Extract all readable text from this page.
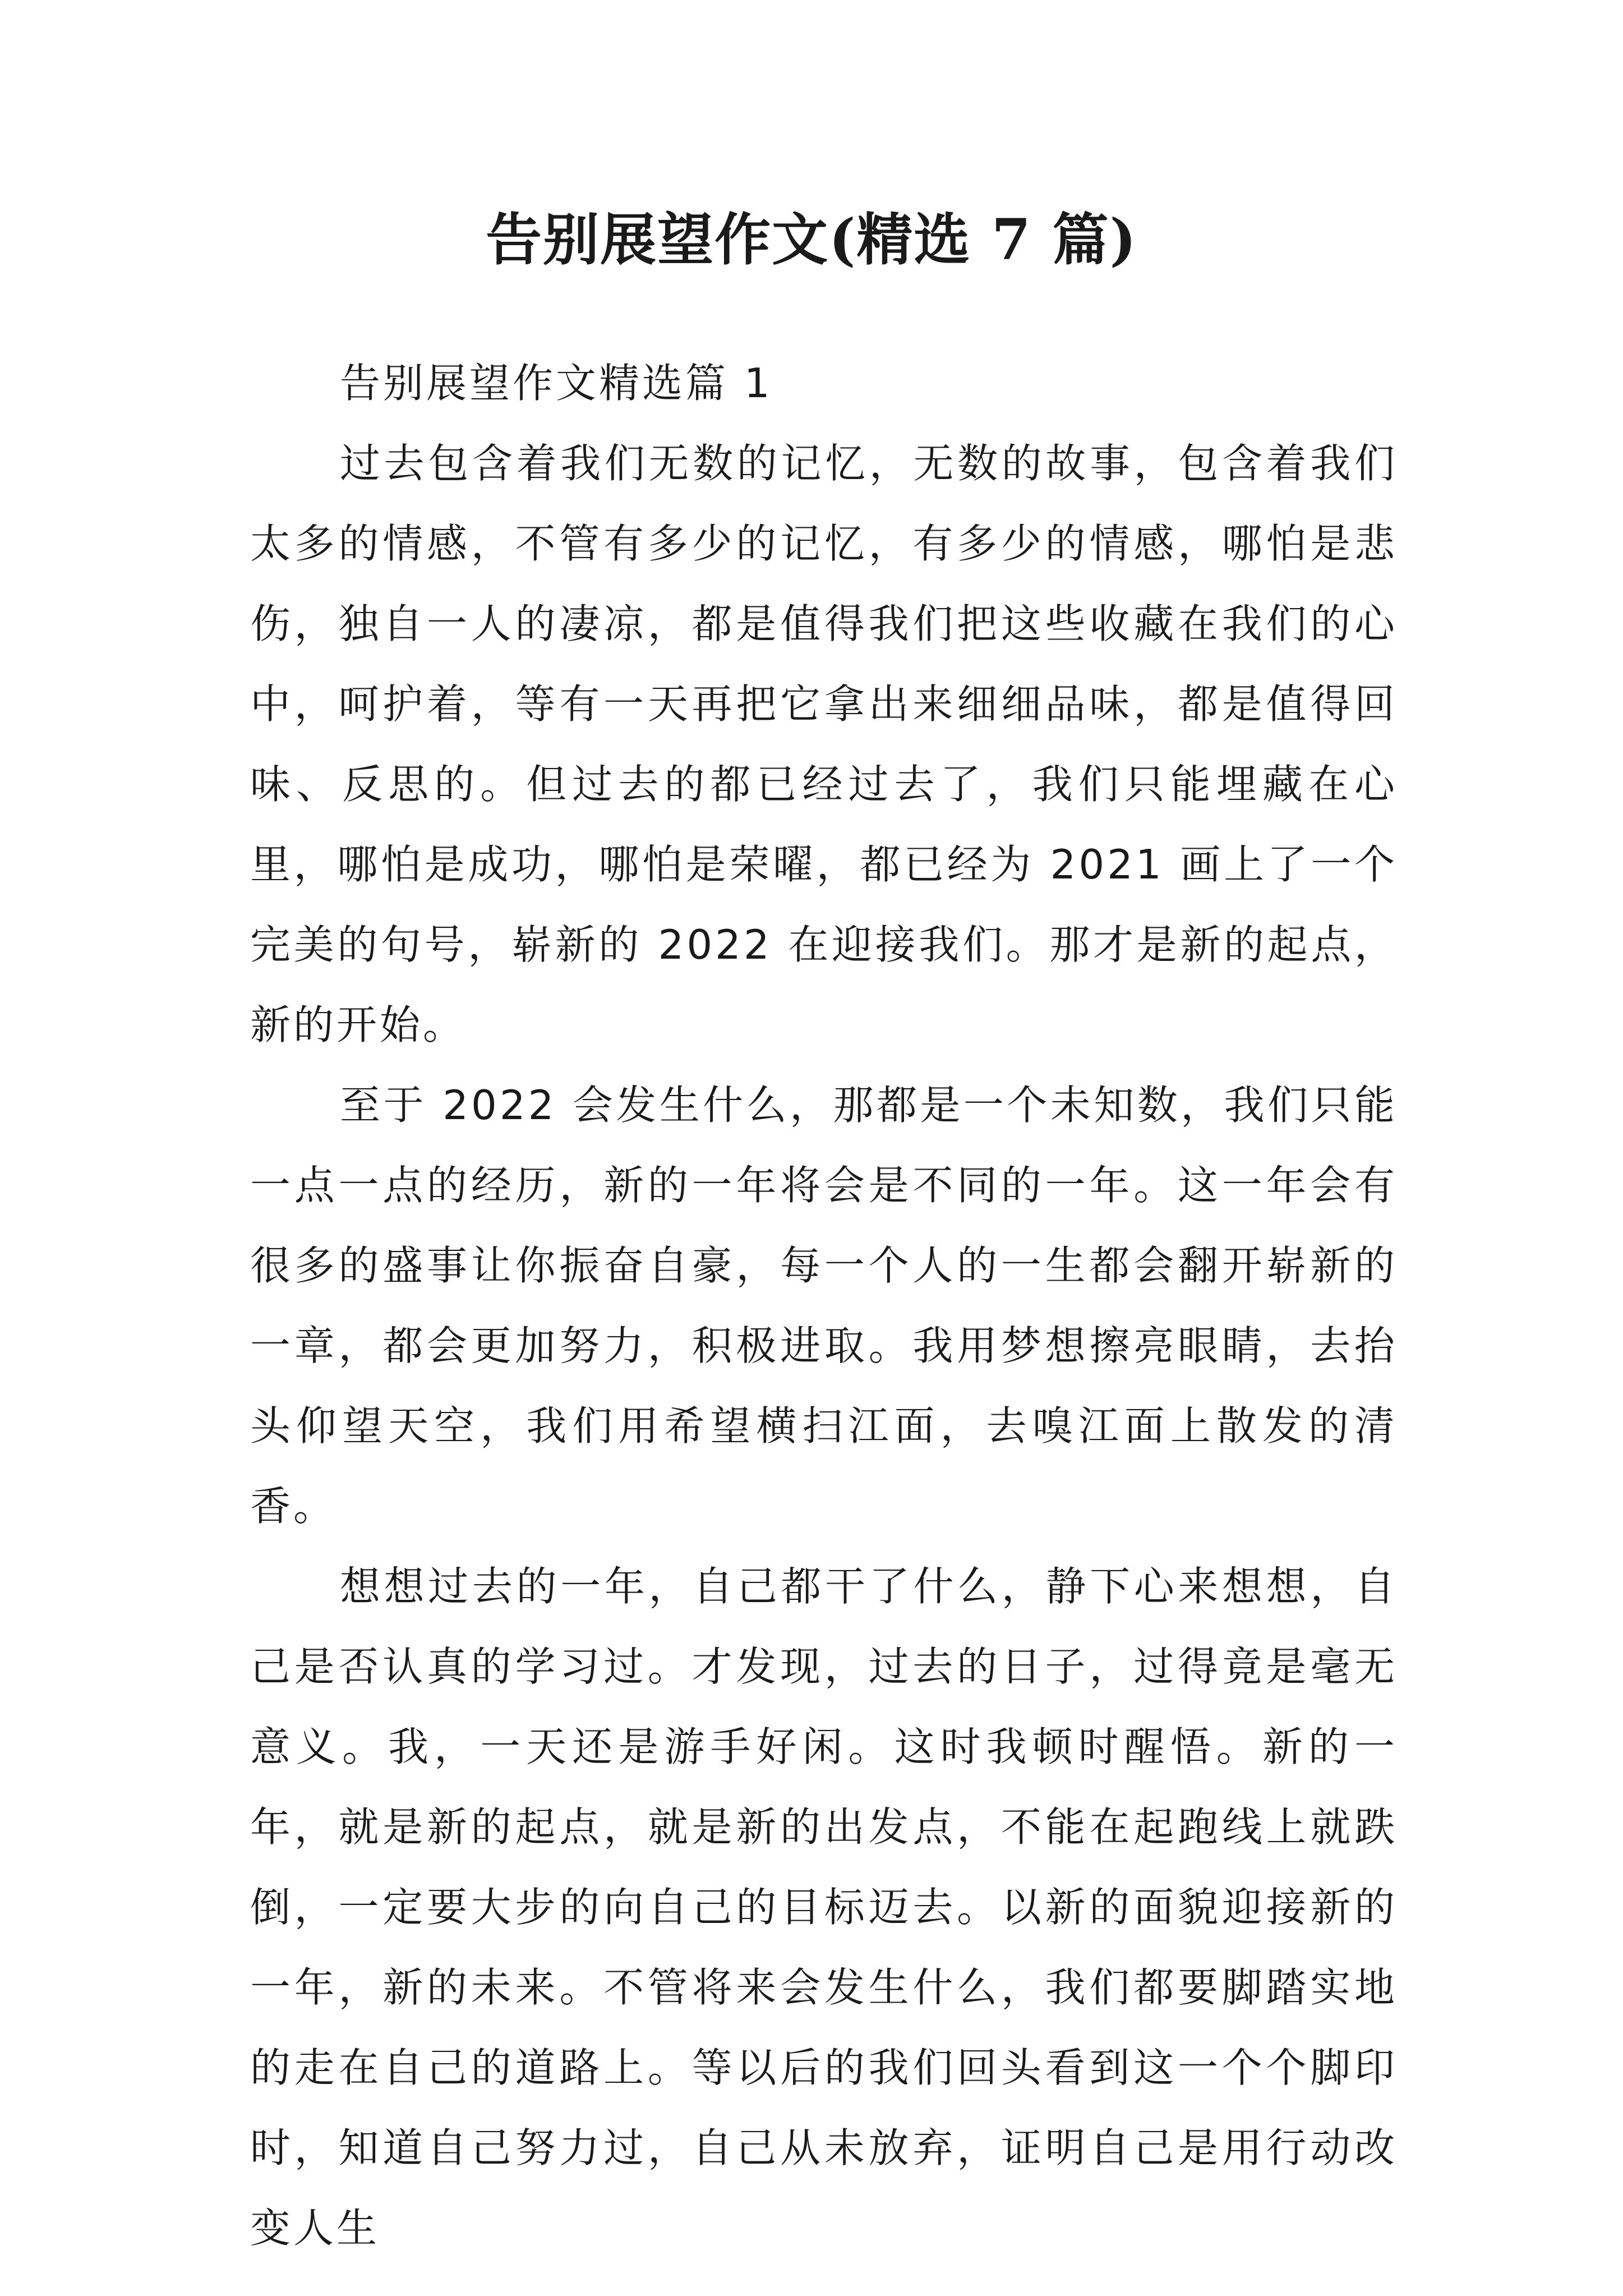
告别展望作文(精选 7 篇)

告别展望作文精选篇 1

过去包含着我们无数的记忆，无数的故事，包含着我们太多的情感，不管有多少的记忆，有多少的情感，哪怕是悲伤，独自一人的凄凉，都是值得我们把这些收藏在我们的心中，呵护着，等有一天再把它拿出来细细品味，都是值得回味、反思的。但过去的都已经过去了，我们只能埋藏在心里，哪怕是成功，哪怕是荣曜，都已经为 2021 画上了一个完美的句号，崭新的 2022 在迎接我们。那才是新的起点，新的开始。

至于 2022 会发生什么，那都是一个未知数，我们只能一点一点的经历，新的一年将会是不同的一年。这一年会有很多的盛事让你振奋自豪，每一个人的一生都会翻开崭新的一章，都会更加努力，积极进取。我用梦想擦亮眼睛，去抬头仰望天空，我们用希望横扫江面，去嗅江面上散发的清香。

想想过去的一年，自己都干了什么，静下心来想想，自己是否认真的学习过。才发现，过去的日子，过得竟是毫无意义。我，一天还是游手好闲。这时我顿时醒悟。新的一年，就是新的起点，就是新的出发点，不能在起跑线上就跌倒，一定要大步的向自己的目标迈去。以新的面貌迎接新的一年，新的未来。不管将来会发生什么，我们都要脚踏实地的走在自己的道路上。等以后的我们回头看到这一个个脚印时，知道自己努力过，自己从未放弃，证明自己是用行动改变人生
